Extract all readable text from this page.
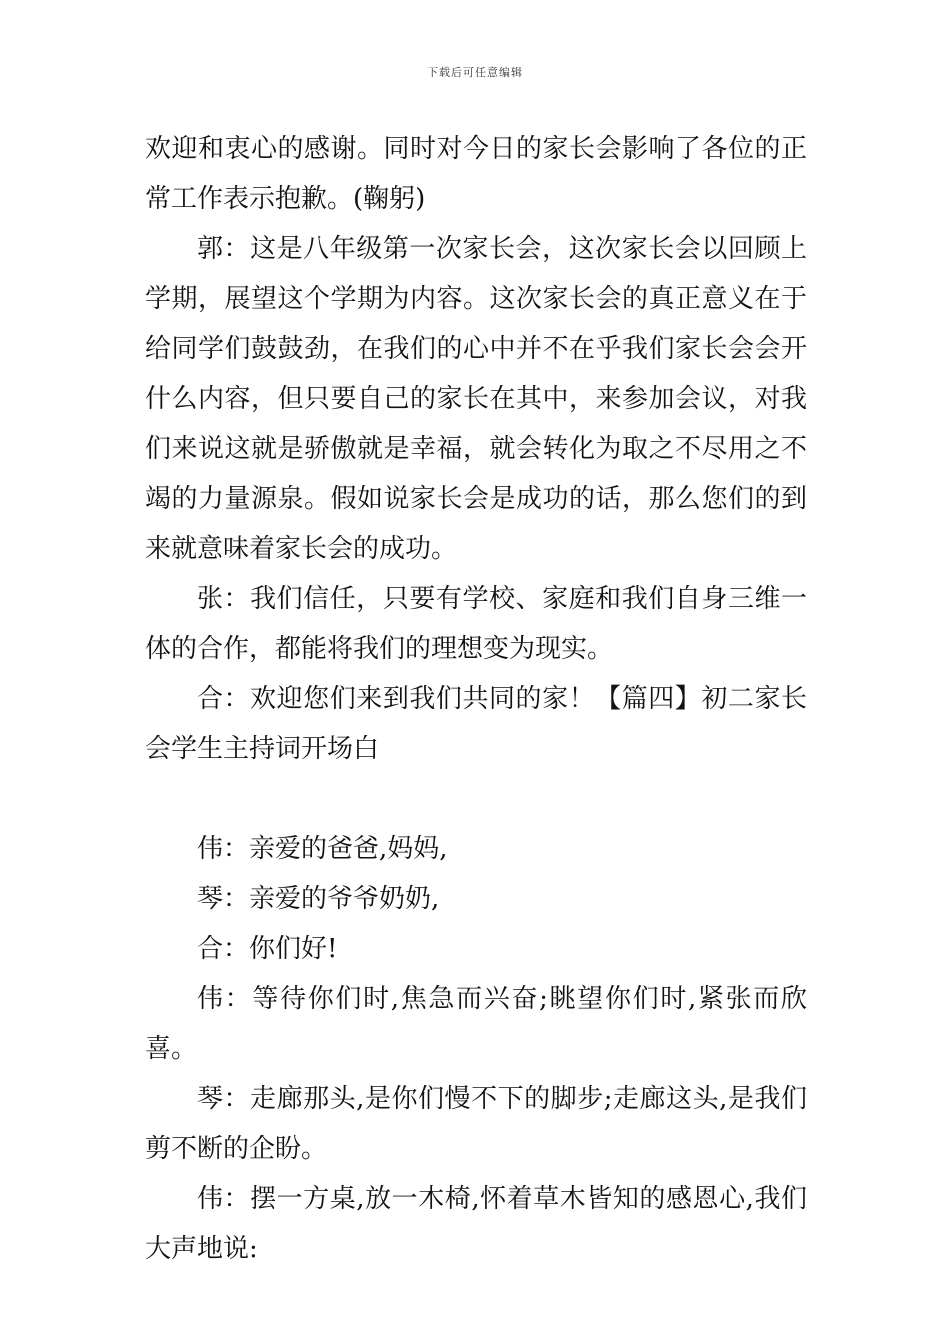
下载后可任意编辑

欢迎和衷心的感谢。同时对今日的家长会影响了各位的正常工作表示抱歉。(鞠躬)

郭：这是八年级第一次家长会，这次家长会以回顾上学期，展望这个学期为内容。这次家长会的真正意义在于给同学们鼓鼓劲，在我们的心中并不在乎我们家长会会开什么内容，但只要自己的家长在其中，来参加会议，对我们来说这就是骄傲就是幸福，就会转化为取之不尽用之不竭的力量源泉。假如说家长会是成功的话，那么您们的到来就意味着家长会的成功。

张：我们信任，只要有学校、家庭和我们自身三维一体的合作，都能将我们的理想变为现实。

合：欢迎您们来到我们共同的家！【篇四】初二家长会学生主持词开场白

伟：亲爱的爸爸,妈妈,

琴：亲爱的爷爷奶奶,

合：你们好!

伟：等待你们时,焦急而兴奋;眺望你们时,紧张而欣喜。

琴：走廊那头,是你们慢不下的脚步;走廊这头,是我们剪不断的企盼。

伟：摆一方桌,放一木椅,怀着草木皆知的感恩心,我们大声地说:
